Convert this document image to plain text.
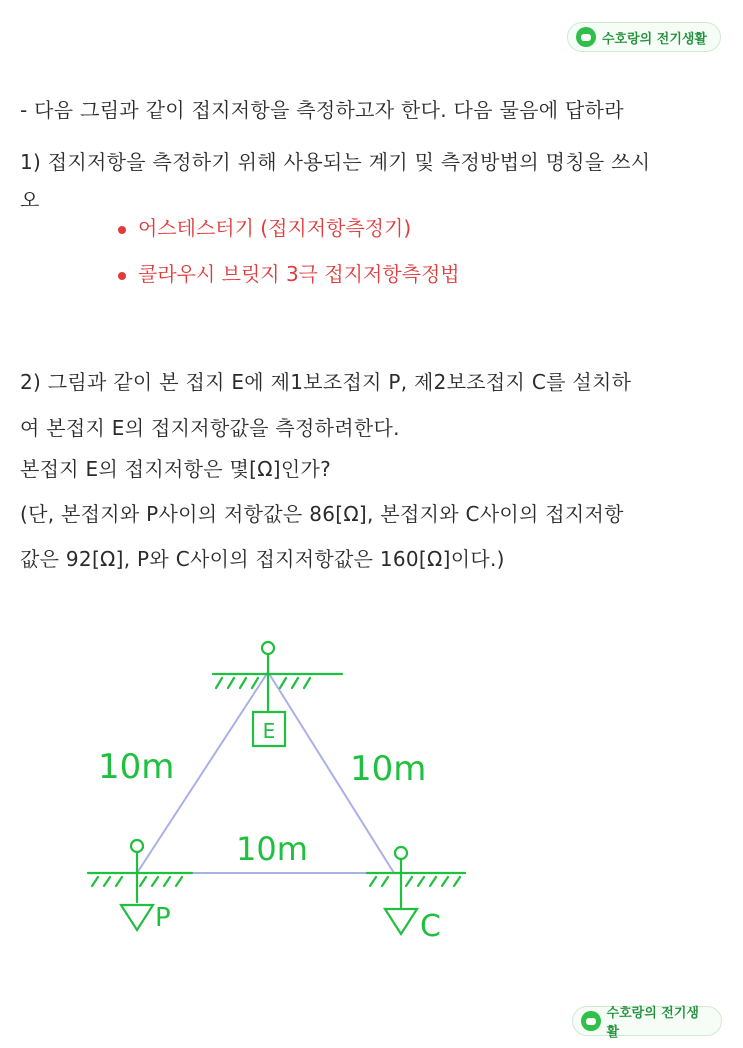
수호랑의 전기생활
- 다음 그림과 같이 접지저항을 측정하고자 한다. 다음 물음에 답하라
1) 접지저항을 측정하기 위해 사용되는 계기 및 측정방법의 명칭을 쓰시
오
어스테스터기 (접지저항측정기)
콜라우시 브릿지 3극 접지저항측정법
2) 그림과 같이 본 접지 E에 제1보조접지 P, 제2보조접지 C를 설치하
여 본접지 E의 접지저항값을 측정하려한다.
본접지 E의 접지저항은 몇[Ω]인가?
(단, 본접지와 P사이의 저항값은 86[Ω], 본접지와 C사이의 접지저항
값은 92[Ω], P와 C사이의 접지저항값은 160[Ω]이다.)
E
P	C
10m	10m
10m
수호랑의 전기생활
